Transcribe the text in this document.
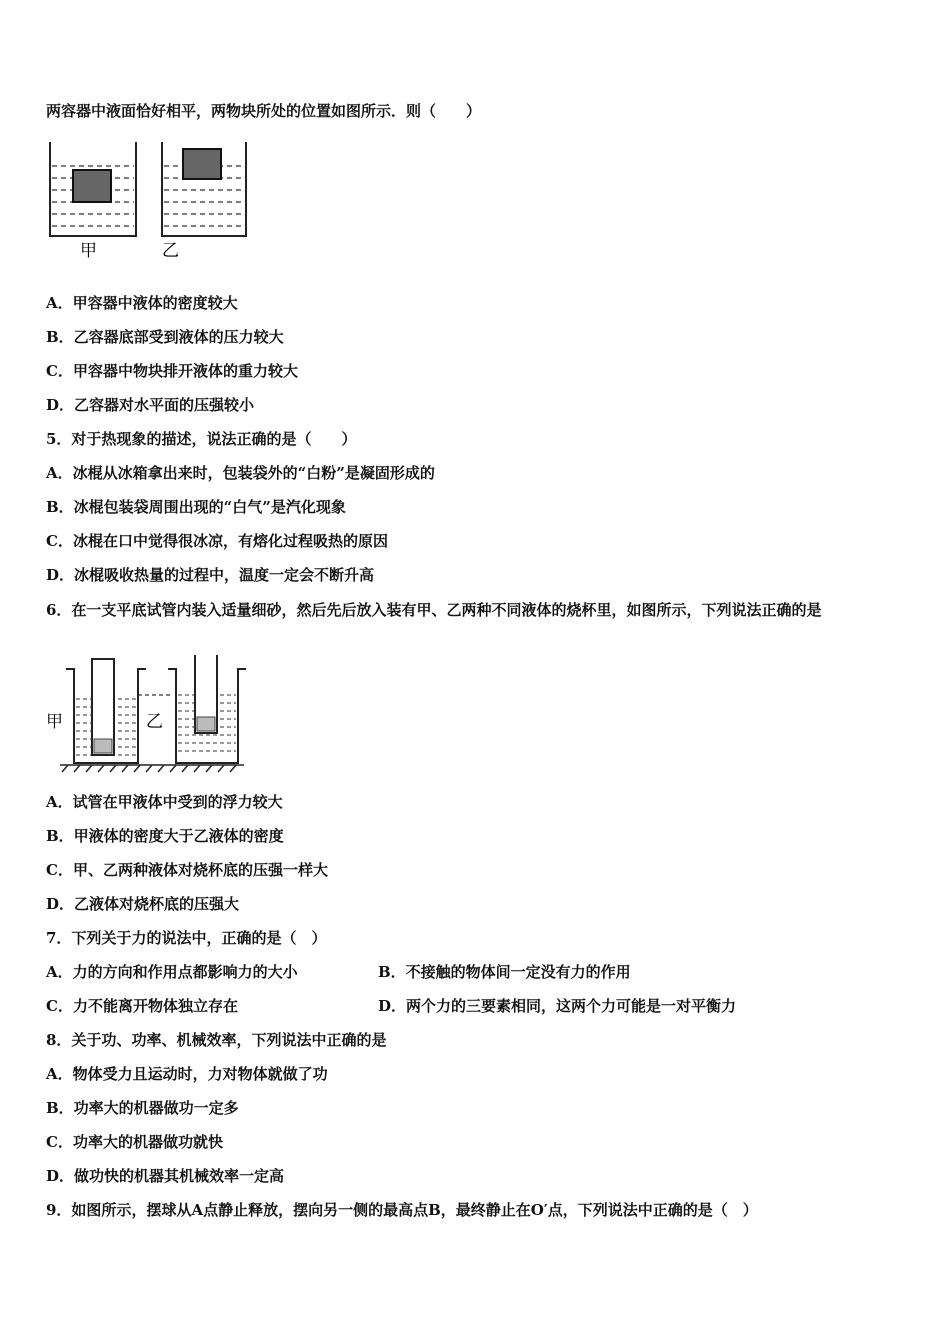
两容器中液面恰好相平，两物块所处的位置如图所示．则（　　）
甲	乙
A．甲容器中液体的密度较大
B．乙容器底部受到液体的压力较大
C．甲容器中物块排开液体的重力较大
D．乙容器对水平面的压强较小
5．对于热现象的描述，说法正确的是（　　）
A．冰棍从冰箱拿出来时，包装袋外的“白粉”是凝固形成的
B．冰棍包装袋周围出现的“白气”是汽化现象
C．冰棍在口中觉得很冰凉，有熔化过程吸热的原因
D．冰棍吸收热量的过程中，温度一定会不断升高
6．在一支平底试管内装入适量细砂，然后先后放入装有甲、乙两种不同液体的烧杯里，如图所示，下列说法正确的是
甲	乙
A．试管在甲液体中受到的浮力较大
B．甲液体的密度大于乙液体的密度
C．甲、乙两种液体对烧杯底的压强一样大
D．乙液体对烧杯底的压强大
7．下列关于力的说法中，正确的是（　）
A．力的方向和作用点都影响力的大小	B．不接触的物体间一定没有力的作用
C．力不能离开物体独立存在	D．两个力的三要素相同，这两个力可能是一对平衡力
8．关于功、功率、机械效率，下列说法中正确的是
A．物体受力且运动时，力对物体就做了功
B．功率大的机器做功一定多
C．功率大的机器做功就快
D．做功快的机器其机械效率一定高
9．如图所示，摆球从A点静止释放，摆向另一侧的最高点B，最终静止在O′点，下列说法中正确的是（　）
